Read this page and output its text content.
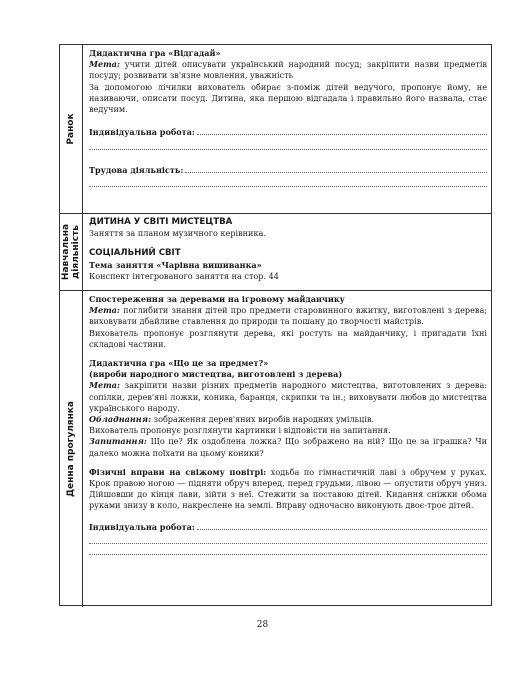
Ранок

Дидактична гра «Відгадай»

Мета: учити дітей описувати український народний посуд; закріпити назви предметів посуду; розвивати зв'язне мовлення, уважність

За допомогою лічилки вихователь обирає з-поміж дітей ведучого, пропонує йому, не називаючи, описати посуд. Дитина, яка першою відгадала і правильно його назвала, стає ведучим.

Індивідуальна робота:
Трудова діяльність:
Навчальна діяльність

ДИТИНА У СВІТІ МИСТЕЦТВА

Заняття за планом музичного керівника.

СОЦІАЛЬНИЙ СВІТ

Тема заняття «Чарівна вишиванка»

Конспект інтегрованого заняття на стор. 44

Денна прогулянка

Спостереження за деревами на ігровому майданчику

Мета: поглибити знання дітей про предмети старовинного вжитку, виготовлені з дерева; виховувати дбайливе ставлення до природи та пошану до творчості майстрів.

Вихователь пропонує розглянути дерева, які ростуть на майданчику, і пригадати їхні складові частини.

Дидактична гра «Що це за предмет?»

(вироби народного мистецтва, виготовлені з дерева)

Мета: закріпити назви різних предметів народного мистецтва, виготовлених з дерева: сопілки, дерев'яні ложки, коника, баранця, скрипки та ін.; виховувати любов до мистецтва українського народу.

Обладнання: зображення дерев'яних виробів народних умільців.

Вихователь пропонує розглянути картинки і відповісти на запитання.

Запитання: Що це? Як оздоблена ложка? Що зображено на ній? Що це за іграшка? Чи далеко можна поїхати на цьому коники?

Фізичні вправи на свіжому повітрі: ходьба по гімнастичній лаві з обручем у руках. Крок правою ногою — підняти обруч вперед, перед грудьми, лівою — опустити обруч униз. Дійшовши до кінця лави, зійти з неї. Стежити за поставою дітей. Кидання сніжки обома руками знизу в коло, накреслене на землі. Вправу одночасно виконують двоє-троє дітей.

Індивідуальна робота:
28
